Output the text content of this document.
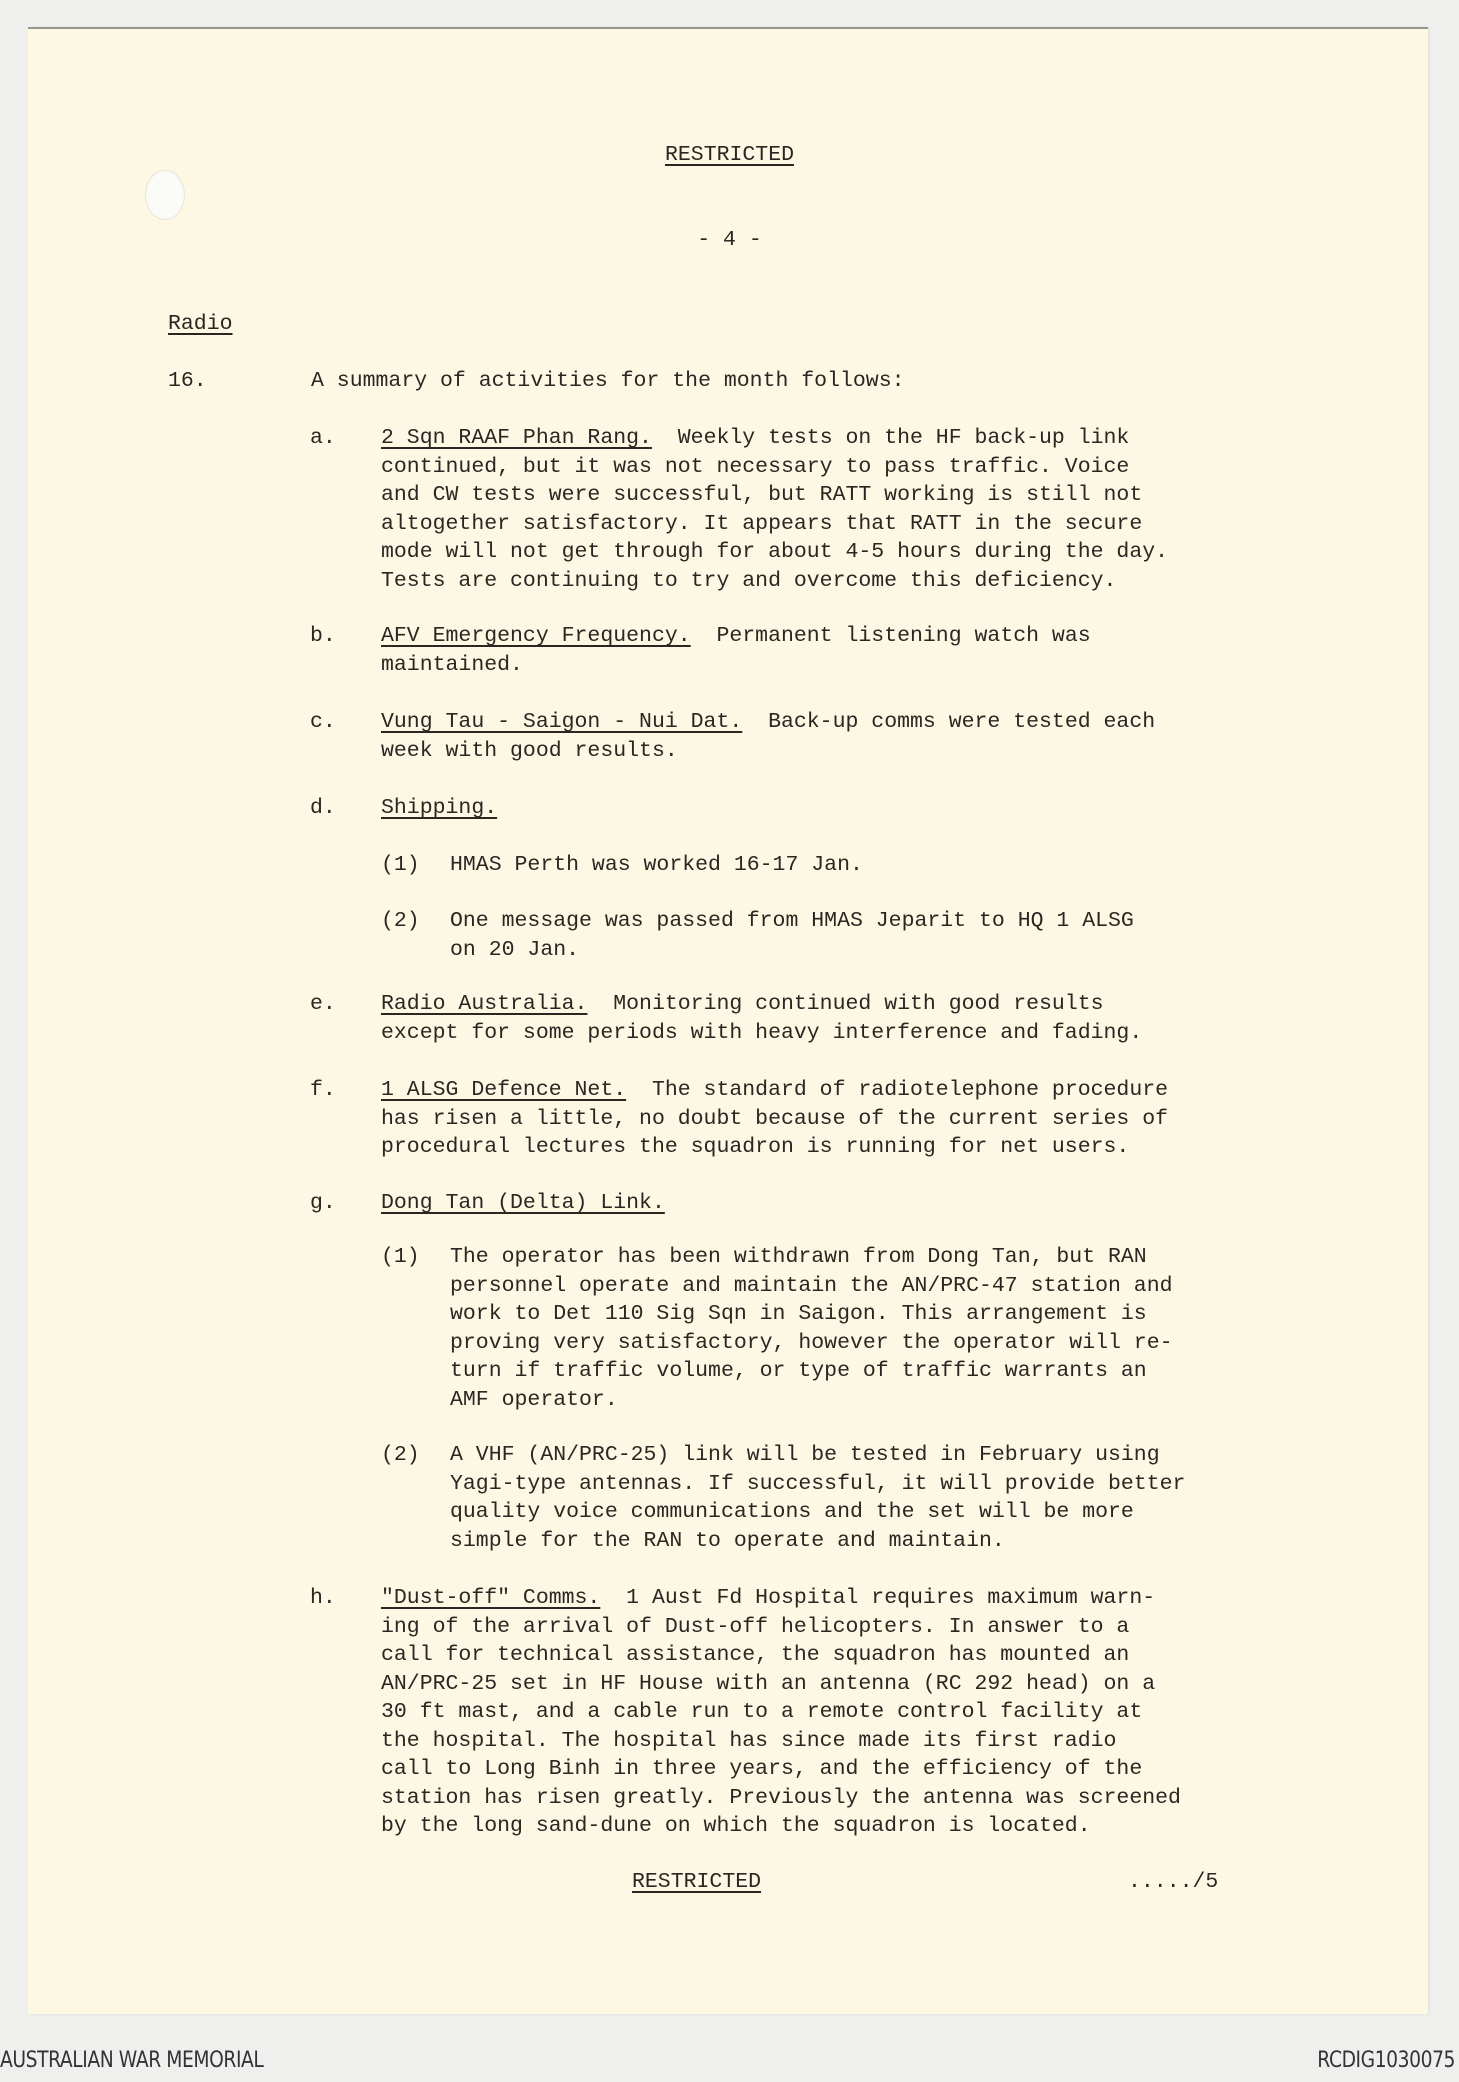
RESTRICTED
- 4 -
Radio
16.	A summary of activities for the month follows:
a. 2 Sqn RAAF Phan Rang. Weekly tests on the HF back-up link
continued, but it was not necessary to pass traffic. Voice
and CW tests were successful, but RATT working is still not
altogether satisfactory. It appears that RATT in the secure
mode will not get through for about 4-5 hours during the day.
Tests are continuing to try and overcome this deficiency.
b. AFV Emergency Frequency. Permanent listening watch was
maintained.
c. Vung Tau - Saigon - Nui Dat. Back-up comms were tested each
week with good results.
d. Shipping.
(1) HMAS Perth was worked 16-17 Jan.
(2) One message was passed from HMAS Jeparit to HQ 1 ALSG
on 20 Jan.
e. Radio Australia. Monitoring continued with good results
except for some periods with heavy interference and fading.
f. 1 ALSG Defence Net. The standard of radiotelephone procedure
has risen a little, no doubt because of the current series of
procedural lectures the squadron is running for net users.
g. Dong Tan (Delta) Link.
(1) The operator has been withdrawn from Dong Tan, but RAN
personnel operate and maintain the AN/PRC-47 station and
work to Det 110 Sig Sqn in Saigon. This arrangement is
proving very satisfactory, however the operator will re-
turn if traffic volume, or type of traffic warrants an
AMF operator.
(2) A VHF (AN/PRC-25) link will be tested in February using
Yagi-type antennas. If successful, it will provide better
quality voice communications and the set will be more
simple for the RAN to operate and maintain.
h. "Dust-off" Comms. 1 Aust Fd Hospital requires maximum warn-
ing of the arrival of Dust-off helicopters. In answer to a
call for technical assistance, the squadron has mounted an
AN/PRC-25 set in HF House with an antenna (RC 292 head) on a
30 ft mast, and a cable run to a remote control facility at
the hospital. The hospital has since made its first radio
call to Long Binh in three years, and the efficiency of the
station has risen greatly. Previously the antenna was screened
by the long sand-dune on which the squadron is located.
RESTRICTED	...../5
AUSTRALIAN WAR MEMORIAL	RCDIG1030075
